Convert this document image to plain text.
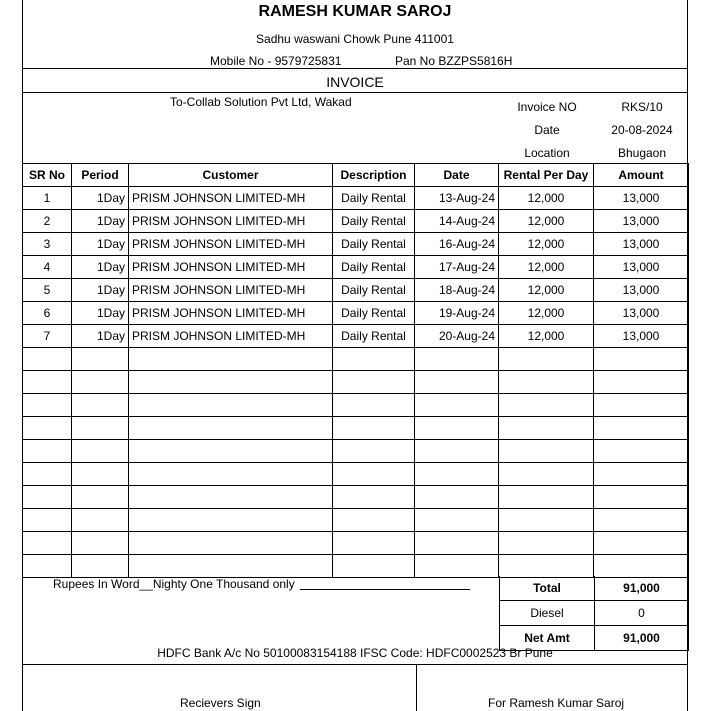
RAMESH KUMAR SAROJ
Sadhu waswani Chowk Pune 411001
Mobile No - 9579725831	Pan No BZZPS5816H
INVOICE
To-Collab Solution Pvt Ltd, Wakad	Invoice NO	RKS/10
Date	20-08-2024
Location	Bhugaon
SR No	Period	Customer	Description	Date	Rental Per Day	Amount
1	1Day	PRISM JOHNSON LIMITED-MH	Daily Rental	13-Aug-24	12,000	13,000
2	1Day	PRISM JOHNSON LIMITED-MH	Daily Rental	14-Aug-24	12,000	13,000
3	1Day	PRISM JOHNSON LIMITED-MH	Daily Rental	16-Aug-24	12,000	13,000
4	1Day	PRISM JOHNSON LIMITED-MH	Daily Rental	17-Aug-24	12,000	13,000
5	1Day	PRISM JOHNSON LIMITED-MH	Daily Rental	18-Aug-24	12,000	13,000
6	1Day	PRISM JOHNSON LIMITED-MH	Daily Rental	19-Aug-24	12,000	13,000
7	1Day	PRISM JOHNSON LIMITED-MH	Daily Rental	20-Aug-24	12,000	13,000

Rupees In Word__Nighty One Thousand only	Total	91,000
Diesel	0
Net Amt	91,000
HDFC Bank A/c No 50100083154188 IFSC Code: HDFC0002523 Br Pune
Recievers Sign	For Ramesh Kumar Saroj
